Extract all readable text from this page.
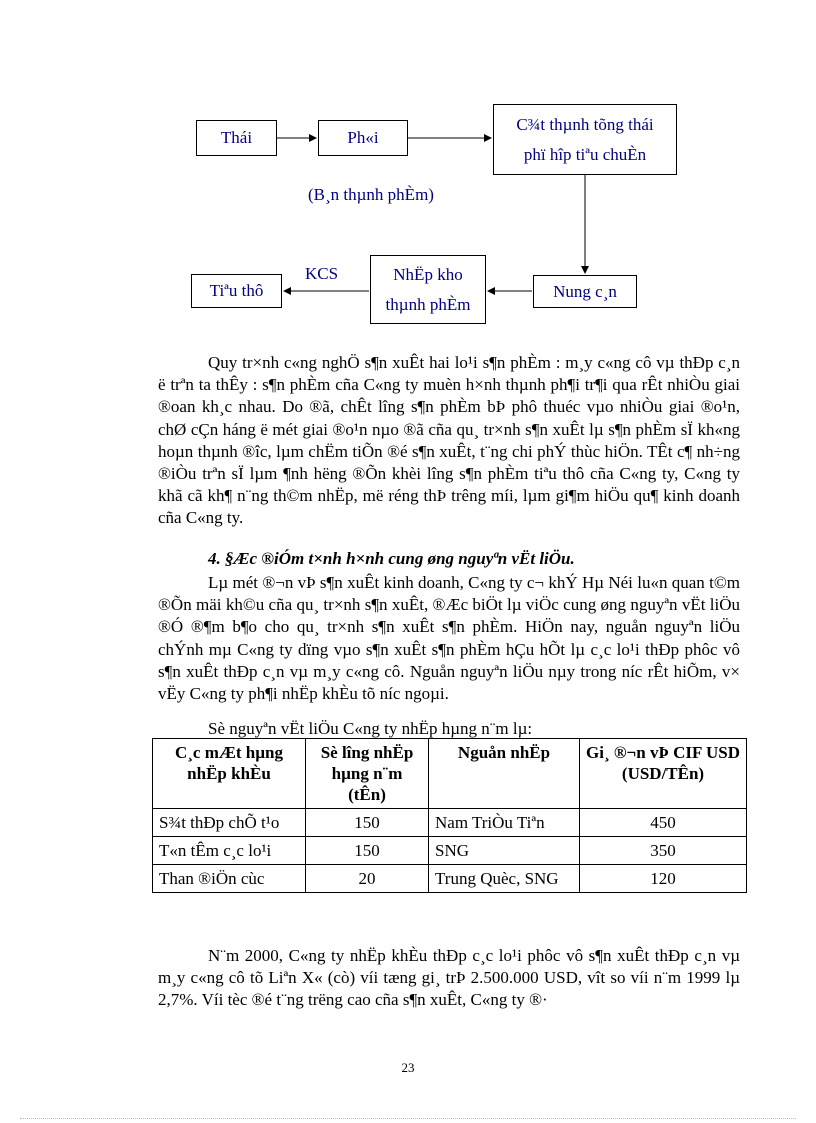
Thái	Ph«i
C¾t thµnh tõng thái
phï hîp tiªu chuÈn
(B¸n thµnh phÈm)
Nung c¸n
NhËp kho
thµnh phÈm
KCS
Tiªu thô

Quy tr×nh c«ng nghÖ s¶n xuÊt hai lo¹i s¶n phÈm : m¸y c«ng cô vµ thÐp c¸n ë trªn ta thÊy : s¶n phÈm cña C«ng ty muèn h×nh thµnh ph¶i tr¶i qua rÊt nhiÒu giai ®oan kh¸c nhau. Do ®ã, chÊt lîng s¶n phÈm bÞ phô thuéc vµo nhiÒu giai ®o¹n, chØ cÇn háng ë mét giai ®o¹n nµo ®ã cña qu¸ tr×nh s¶n xuÊt lµ s¶n phÈm sÏ kh«ng hoµn thµnh ®îc, lµm chËm tiÕn ®é s¶n xuÊt, t¨ng chi phÝ thùc hiÖn. TÊt c¶ nh÷ng ®iÒu trªn sÏ lµm ¶nh hëng ®Õn khèi lîng s¶n phÈm tiªu thô cña C«ng ty, C«ng ty khã cã kh¶ n¨ng th©m nhËp, më réng thÞ trêng míi, lµm gi¶m hiÖu qu¶ kinh doanh cña C«ng ty.

4. §Æc ®iÓm t×nh h×nh cung øng nguyªn vËt liÖu.

Lµ mét ®¬n vÞ s¶n xuÊt kinh doanh, C«ng ty c¬ khÝ Hµ Néi lu«n quan t©m ®Õn mäi kh©u cña qu¸ tr×nh s¶n xuÊt, ®Æc biÖt lµ viÖc cung øng nguyªn vËt liÖu ®Ó ®¶m b¶o cho qu¸ tr×nh s¶n xuÊt s¶n phÈm. HiÖn nay, nguån nguyªn liÖu chÝnh mµ C«ng ty dïng vµo s¶n xuÊt s¶n phÈm hÇu hÕt lµ c¸c lo¹i thÐp phôc vô s¶n xuÊt thÐp c¸n vµ m¸y c«ng cô. Nguån nguyªn liÖu nµy trong níc rÊt hiÕm, v× vËy C«ng ty ph¶i nhËp khÈu tõ níc ngoµi.

Sè nguyªn vËt liÖu C«ng ty nhËp hµng n¨m lµ:
C¸c mÆt hµng nhËp khÈu	Sè lîng nhËp hµng n¨m (tÊn)	Nguån nhËp	Gi¸ ®¬n vÞ CIF USD (USD/TÊn)
S¾t thÐp chÕ t¹o	150	Nam TriÒu Tiªn	450
T«n tÊm c¸c lo¹i	150	SNG	350
Than ®iÖn cùc	20	Trung Quèc, SNG	120

N¨m 2000, C«ng ty nhËp khÈu thÐp c¸c lo¹i phôc vô s¶n xuÊt thÐp c¸n vµ m¸y c«ng cô tõ Liªn X« (cò) víi tæng gi¸ trÞ 2.500.000 USD, vît so víi n¨m 1999 lµ 2,7%. Víi tèc ®é t¨ng trëng cao cña s¶n xuÊt, C«ng ty ®·

23
